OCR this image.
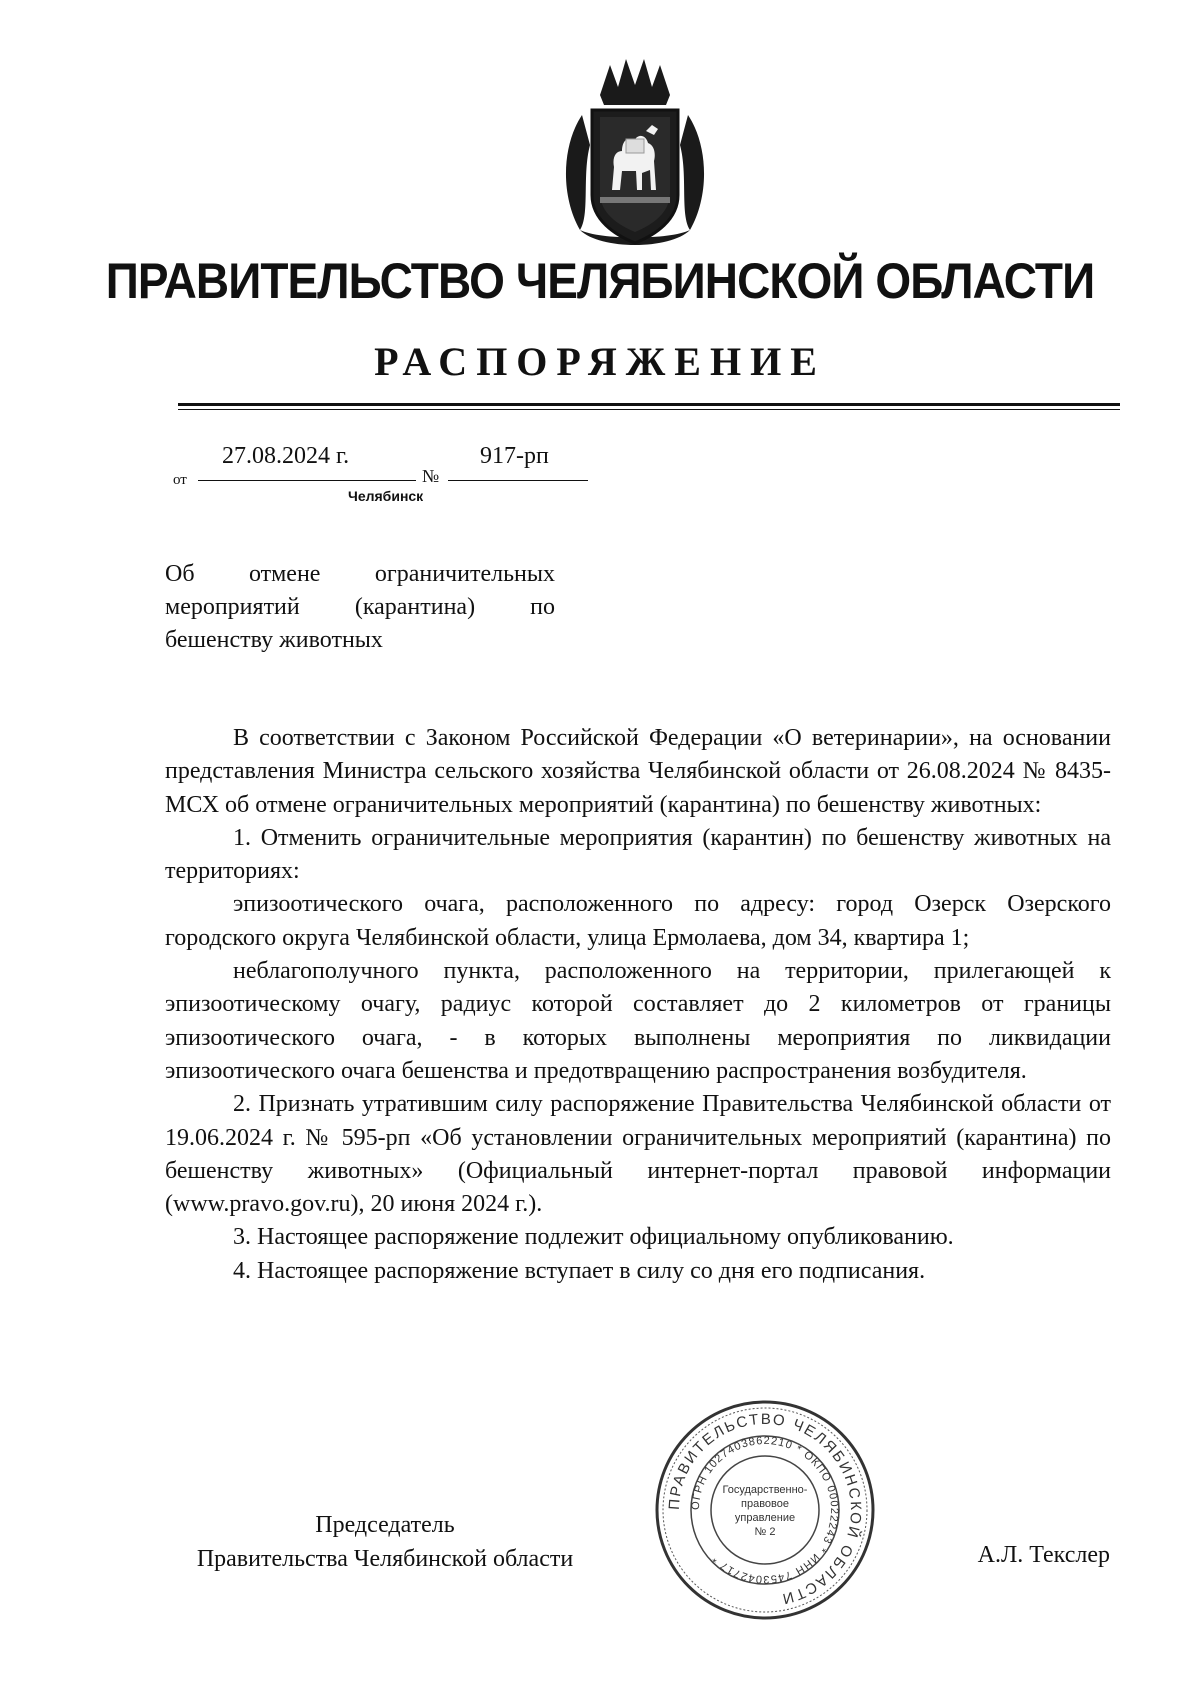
ПРАВИТЕЛЬСТВО ЧЕЛЯБИНСКОЙ ОБЛАСТИ
РАСПОРЯЖЕНИЕ
от
27.08.2024 г.
№
917-рп
Челябинск
Об отмене ограничительных
мероприятий (карантина) по
бешенству животных

В соответствии с Законом Российской Федерации «О ветеринарии», на основании представления Министра сельского хозяйства Челябинской области от 26.08.2024 № 8435-МСХ об отмене ограничительных мероприятий (карантина) по бешенству животных:

1. Отменить ограничительные мероприятия (карантин) по бешенству животных на территориях:

эпизоотического очага, расположенного по адресу: город Озерск Озерского городского округа Челябинской области, улица Ермолаева, дом 34, квартира 1;

неблагополучного пункта, расположенного на территории, прилегающей к эпизоотическому очагу, радиус которой составляет до 2 километров от границы эпизоотического очага, - в которых выполнены мероприятия по ликвидации эпизоотического очага бешенства и предотвращению распространения возбудителя.

2. Признать утратившим силу распоряжение Правительства Челябинской области от 19.06.2024 г. № 595-рп «Об установлении ограничительных мероприятий (карантина) по бешенству животных» (Официальный интернет-портал правовой информации (www.pravo.gov.ru), 20 июня 2024 г.).

3. Настоящее распоряжение подлежит официальному опубликованию.

4. Настоящее распоряжение вступает в силу со дня его подписания.

Председатель
Правительства Челябинской области	А.Л. Текслер
ПРАВИТЕЛЬСТВО ЧЕЛЯБИНСКОЙ ОБЛАСТИ
ОГРН 1027403862210 * ОКПО 00022243 * ИНН 7453042717 *
Государственно-
правовое
управление
№ 2
